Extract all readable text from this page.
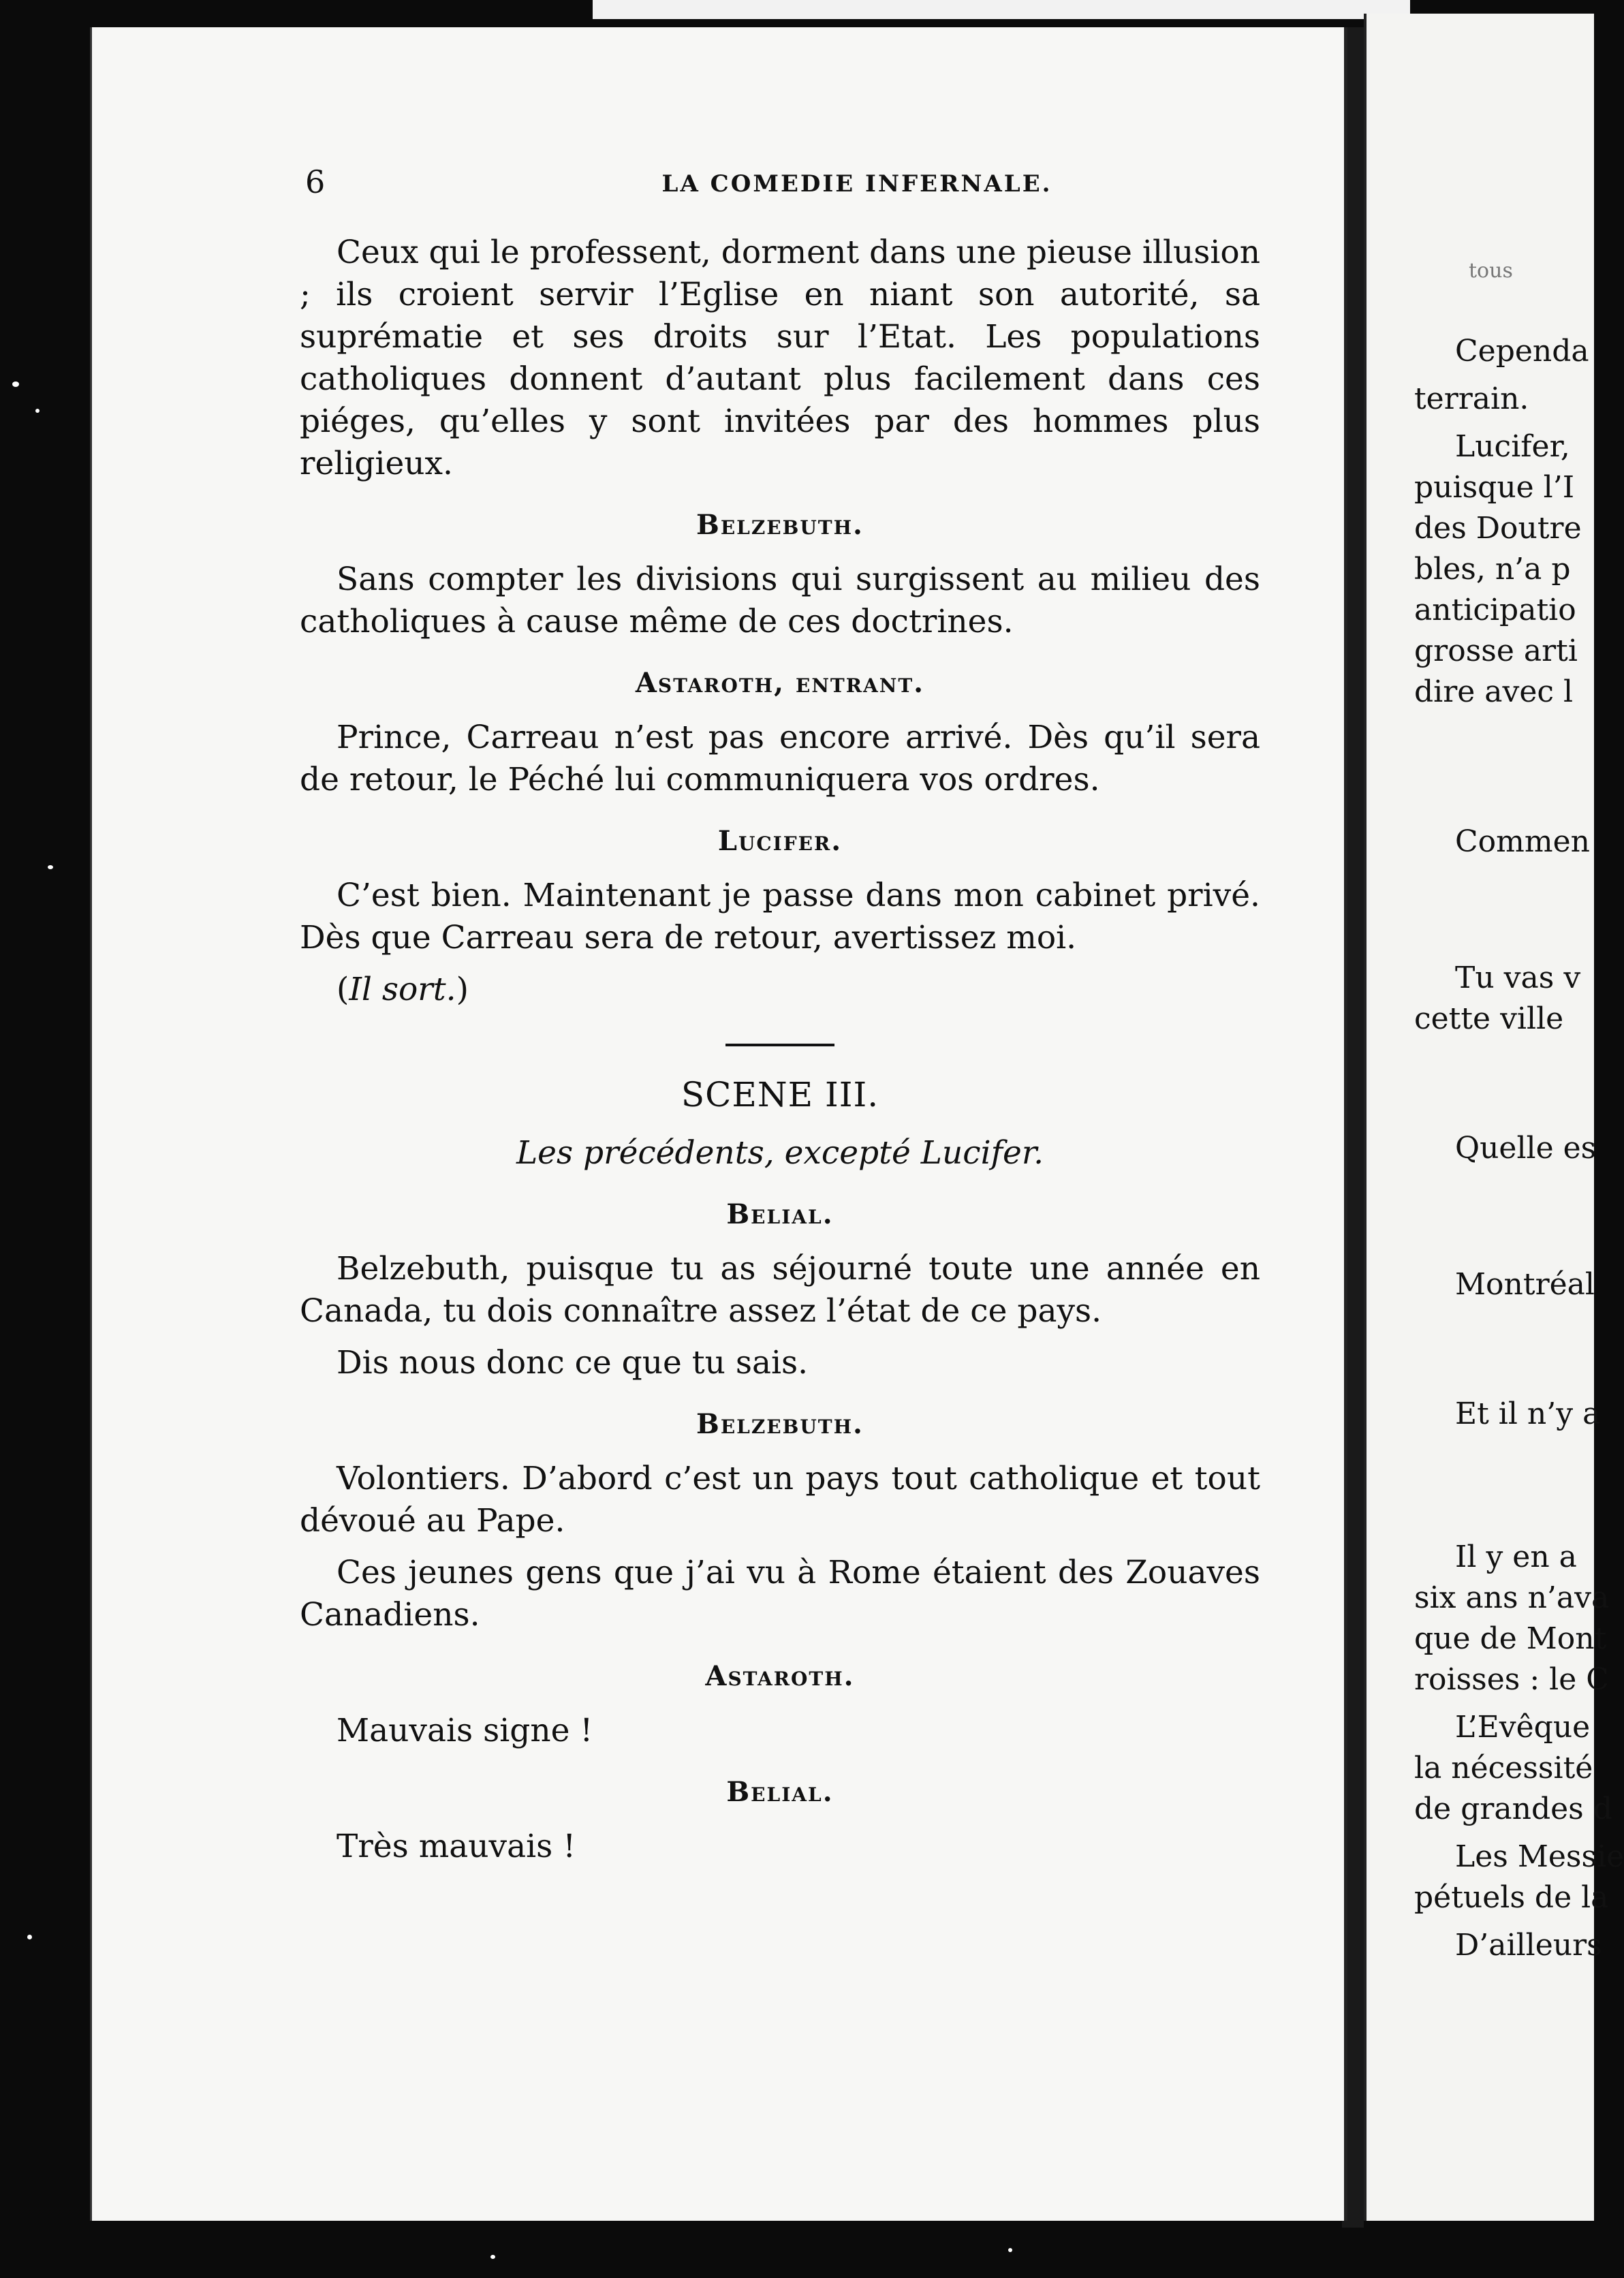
tous
Cependa
terrain.
Lucifer,
puisque l’I
des Doutre
bles, n’a p
anticipatio
grosse arti
dire avec l
Commen
Tu vas v
cette ville
Quelle es
Montréal
Et il n’y a
Il y en a
six ans n’ava
que de Mont
roisses : le C
L’Evêque
la nécessité
de grandes d
Les Messie
pétuels de la
D’ailleurs
6	LA COMEDIE INFERNALE.

Ceux qui le professent, dorment dans une pieuse illusion ; ils croient servir l’Eglise en niant son autorité, sa suprématie et ses droits sur l’Etat. Les populations catholiques donnent d’autant plus facilement dans ces piéges, qu’elles y sont invitées par des hommes plus religieux.

Belzebuth.

Sans compter les divisions qui surgissent au milieu des catholiques à cause même de ces doctrines.

Astaroth, entrant.

Prince, Carreau n’est pas encore arrivé. Dès qu’il sera de retour, le Péché lui communiquera vos ordres.

Lucifer.

C’est bien. Maintenant je passe dans mon cabinet privé. Dès que Carreau sera de retour, avertissez moi.

(Il sort.)

SCENE III.

Les précédents, excepté Lucifer.

Belial.

Belzebuth, puisque tu as séjourné toute une année en Canada, tu dois connaître assez l’état de ce pays.

Dis nous donc ce que tu sais.

Belzebuth.

Volontiers. D’abord c’est un pays tout catholique et tout dévoué au Pape.

Ces jeunes gens que j’ai vu à Rome étaient des Zouaves Canadiens.

Astaroth.

Mauvais signe !

Belial.

Très mauvais !
